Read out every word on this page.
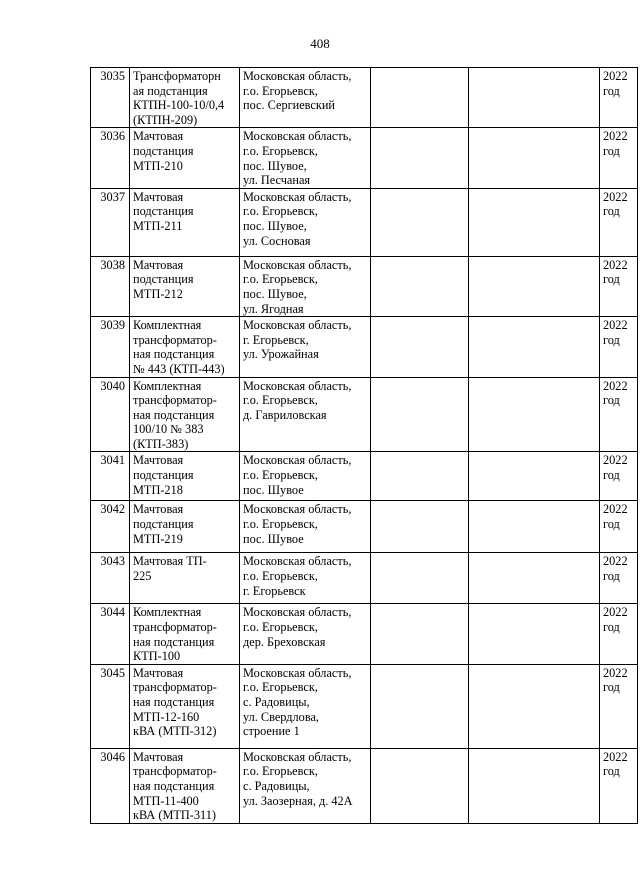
408
3035	Трансформаторн
ая подстанция
КТПН-100-10/0,4
(КТПН-209)	Московская область,
г.о. Егорьевск,
пос. Сергиевский			2022
год
3036	Мачтовая
подстанция
МТП-210	Московская область,
г.о. Егорьевск,
пос. Шувое,
ул. Песчаная			2022
год
3037	Мачтовая
подстанция
МТП-211	Московская область,
г.о. Егорьевск,
пос. Шувое,
ул. Сосновая			2022
год
3038	Мачтовая
подстанция
МТП-212	Московская область,
г.о. Егорьевск,
пос. Шувое,
ул. Ягодная			2022
год
3039	Комплектная
трансформатор-
ная подстанция
№ 443 (КТП-443)	Московская область,
г. Егорьевск,
ул. Урожайная			2022
год
3040	Комплектная
трансформатор-
ная подстанция
100/10 № 383
(КТП-383)	Московская область,
г.о. Егорьевск,
д. Гавриловская			2022
год
3041	Мачтовая
подстанция
МТП-218	Московская область,
г.о. Егорьевск,
пос. Шувое			2022
год
3042	Мачтовая
подстанция
МТП-219	Московская область,
г.о. Егорьевск,
пос. Шувое			2022
год
3043	Мачтовая ТП-
225	Московская область,
г.о. Егорьевск,
г. Егорьевск			2022
год
3044	Комплектная
трансформатор-
ная подстанция
КТП-100	Московская область,
г.о. Егорьевск,
дер. Бреховская			2022
год
3045	Мачтовая
трансформатор-
ная подстанция
МТП-12-160
кВА (МТП-312)	Московская область,
г.о. Егорьевск,
с. Радовицы,
ул. Свердлова,
строение 1			2022
год
3046	Мачтовая
трансформатор-
ная подстанция
МТП-11-400
кВА (МТП-311)	Московская область,
г.о. Егорьевск,
с. Радовицы,
ул. Заозерная, д. 42А			2022
год
